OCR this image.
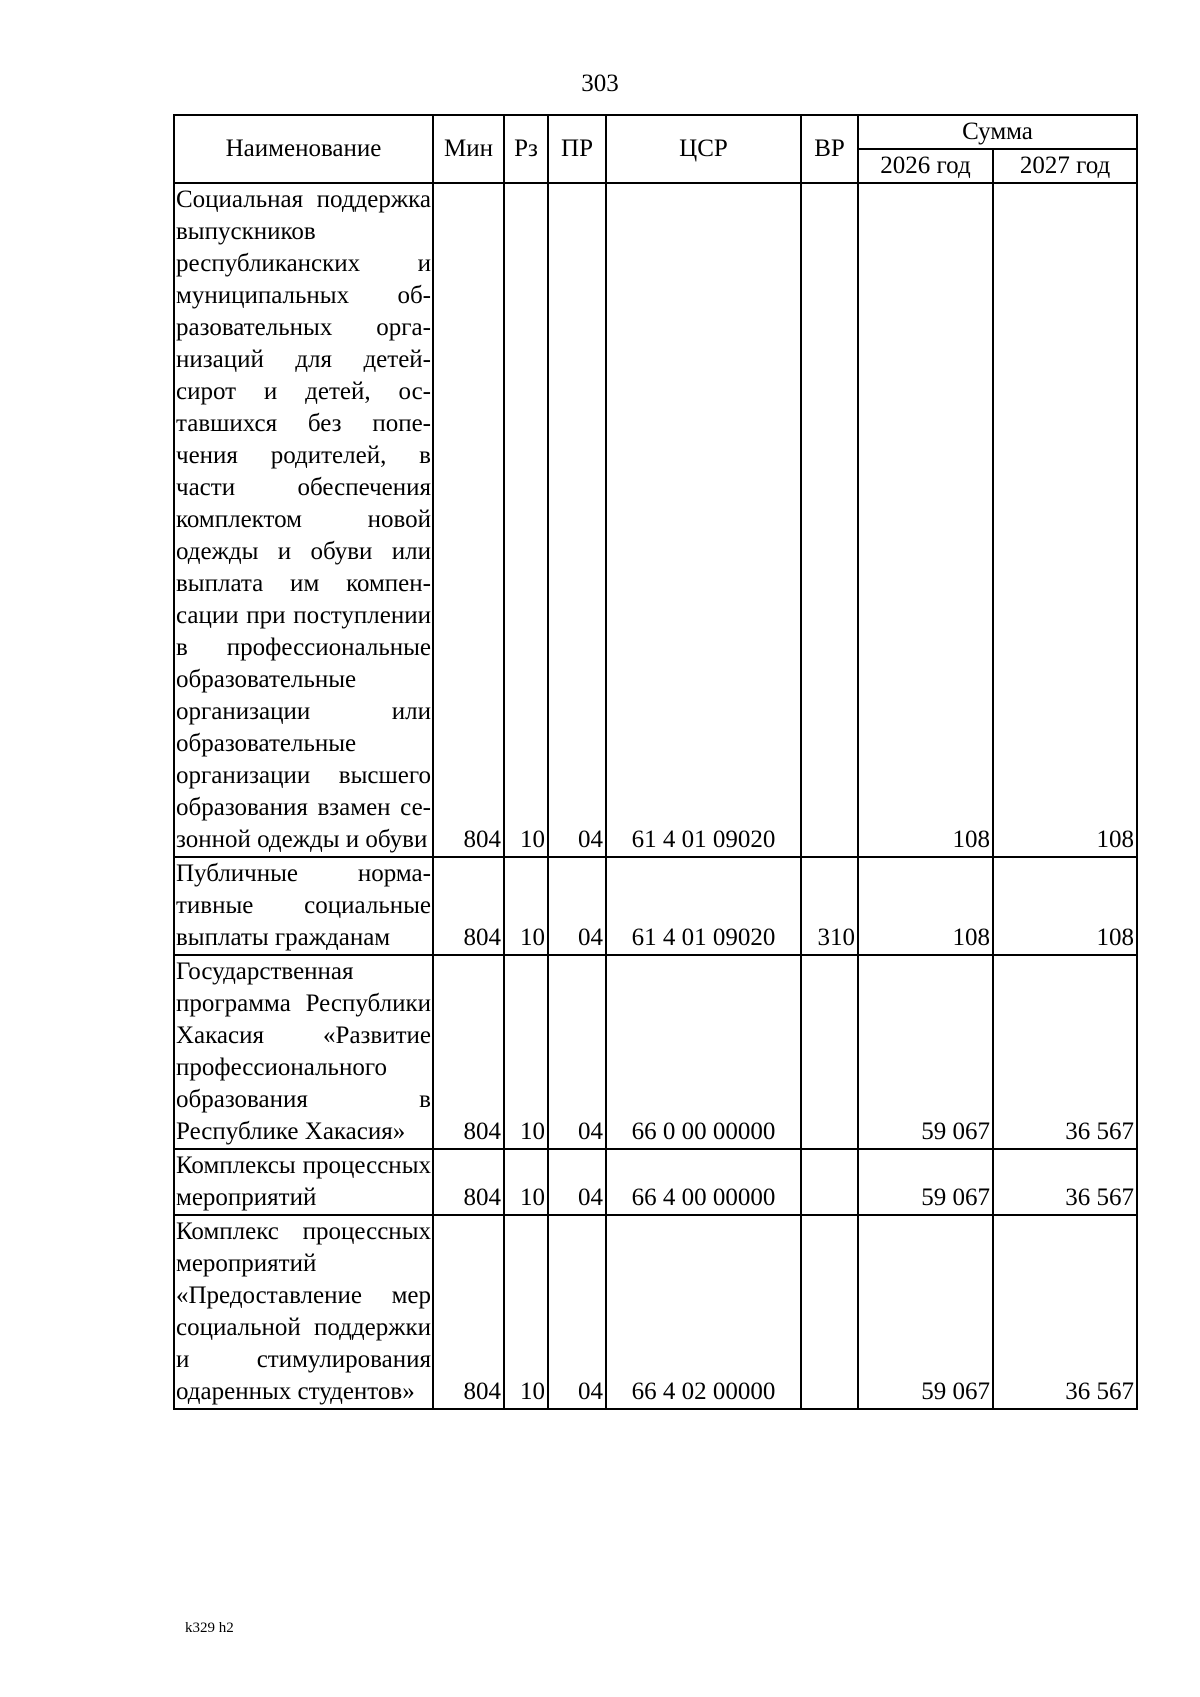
303
Наименование	Мин	Рз	ПР	ЦСР	ВР	Сумма	
						2026 год	2027 год
Социальная поддержка выпускников республиканских и муниципальных образовательных организаций для детей-сирот и детей, оставшихся без попечения родителей, в части обеспечения комплектом новой одежды и обуви или выплата им компенсации при поступлении в профессиональные образовательные организации или образовательные организации высшего образования взамен сезонной одежды и обуви	804	10	04	61 4 01 09020		108	108
Публичные нормативные социальные выплаты гражданам	804	10	04	61 4 01 09020	310	108	108
Государственная программа Республики Хакасия «Развитие профессионального образования в Республике Хакасия»	804	10	04	66 0 00 00000		59 067	36 567
Комплексы процессных мероприятий	804	10	04	66 4 00 00000		59 067	36 567
Комплекс процессных мероприятий «Предоставление мер социальной поддержки и стимулирования одаренных студентов»	804	10	04	66 4 02 00000		59 067	36 567
k329 h2
